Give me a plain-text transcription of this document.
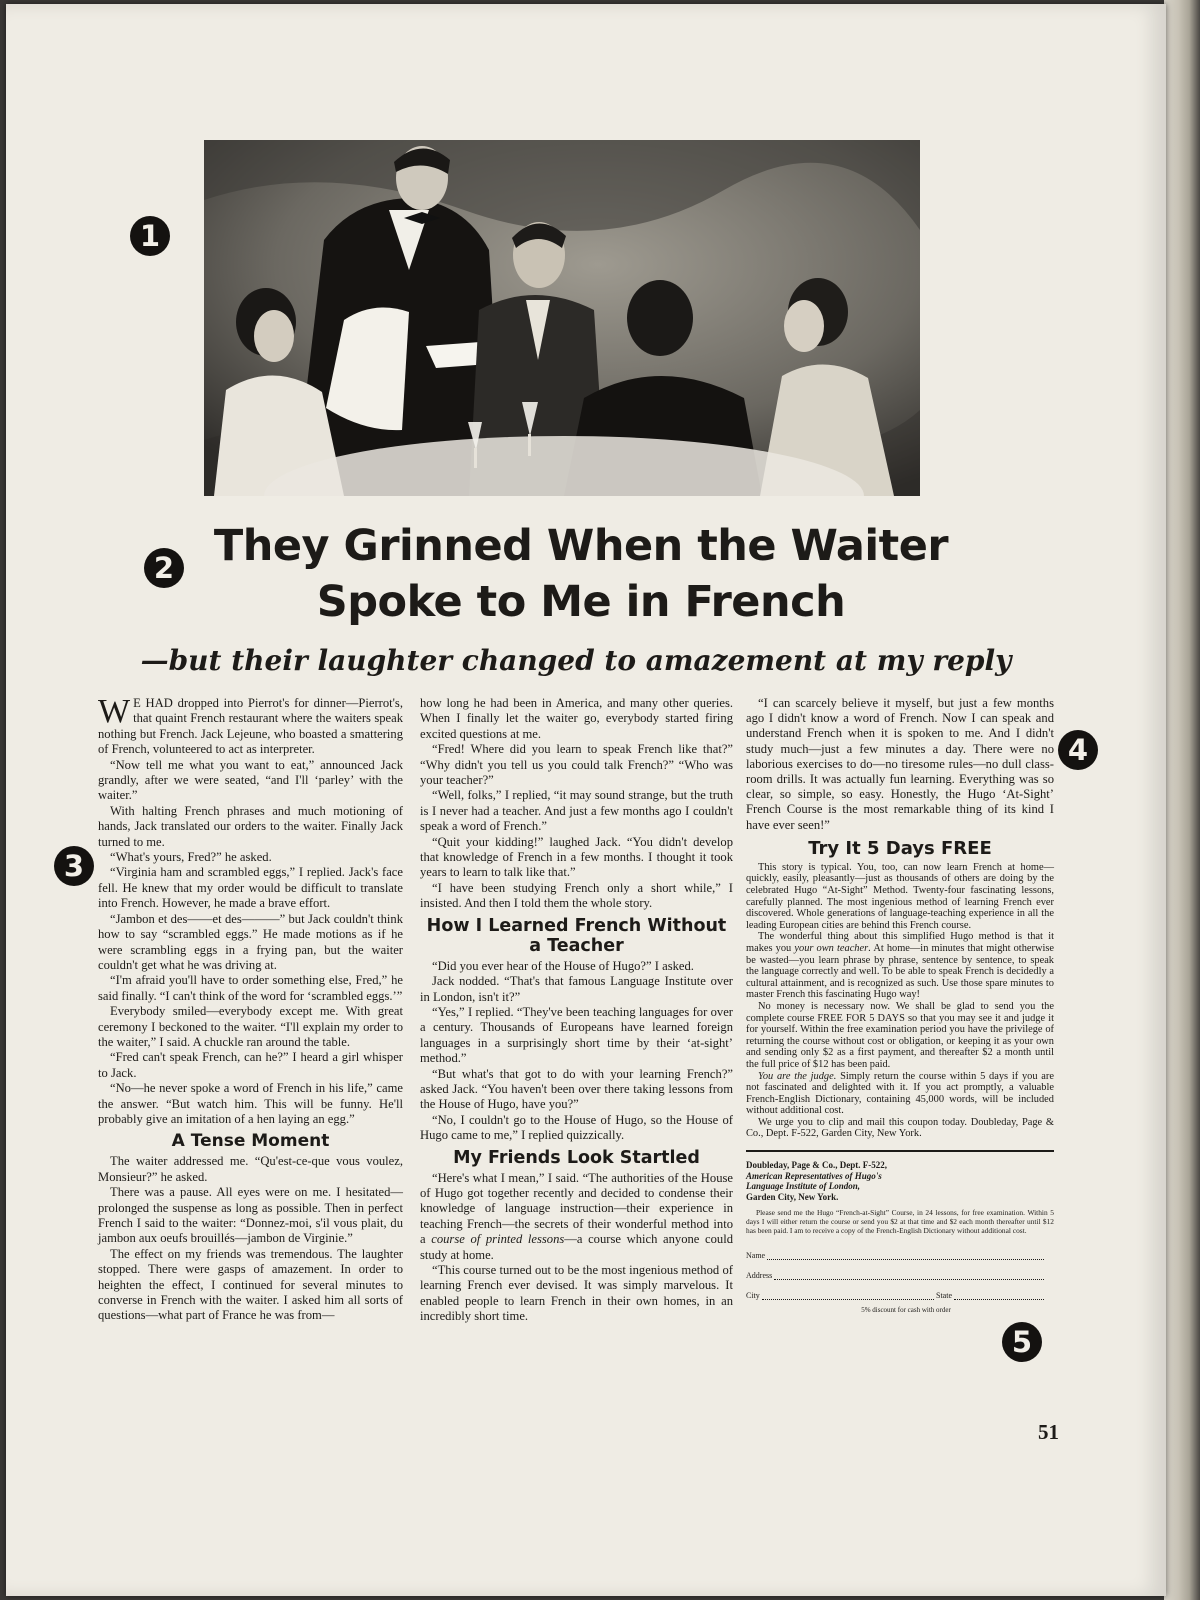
1
2 They Grinned When the Waiter
Spoke to Me in French
—but their laughter changed to amazement at my reply
3

W E HAD dropped into Pierrot's for dinner—Pierrot's, that quaint French restaurant where the waiters speak nothing but French. Jack Lejeune, who boasted a smattering of French, volunteered to act as interpreter.

“Now tell me what you want to eat,” announced Jack grandly, after we were seated, “and I'll ‘parley’ with the waiter.”

With halting French phrases and much motioning of hands, Jack translated our orders to the waiter. Finally Jack turned to me.

“What's yours, Fred?” he asked.

“Virginia ham and scrambled eggs,” I replied. Jack's face fell. He knew that my order would be difficult to translate into French. However, he made a brave effort.

“Jambon et des——et des———” but Jack couldn't think how to say “scrambled eggs.” He made motions as if he were scrambling eggs in a frying pan, but the waiter couldn't get what he was driving at.

“I'm afraid you'll have to order something else, Fred,” he said finally. “I can't think of the word for ‘scrambled eggs.’”

Everybody smiled—everybody except me. With great ceremony I beckoned to the waiter. “I'll explain my order to the waiter,” I said. A chuckle ran around the table.

“Fred can't speak French, can he?” I heard a girl whisper to Jack.

“No—he never spoke a word of French in his life,” came the answer. “But watch him. This will be funny. He'll probably give an imitation of a hen laying an egg.”

A Tense Moment

The waiter addressed me. “Qu'est-ce-que vous voulez, Monsieur?” he asked.

There was a pause. All eyes were on me. I hesitated—prolonged the suspense as long as possible. Then in perfect French I said to the waiter: “Donnez-moi, s'il vous plait, du jambon aux oeufs brouillés—jambon de Virginie.”

The effect on my friends was tremendous. The laughter stopped. There were gasps of amazement. In order to heighten the effect, I continued for several minutes to converse in French with the waiter. I asked him all sorts of questions—what part of France he was from—

how long he had been in America, and many other queries. When I finally let the waiter go, everybody started firing excited questions at me.

“Fred! Where did you learn to speak French like that?” “Why didn't you tell us you could talk French?” “Who was your teacher?”

“Well, folks,” I replied, “it may sound strange, but the truth is I never had a teacher. And just a few months ago I couldn't speak a word of French.”

“Quit your kidding!” laughed Jack. “You didn't develop that knowledge of French in a few months. I thought it took years to learn to talk like that.”

“I have been studying French only a short while,” I insisted. And then I told them the whole story.

How I Learned French Without a Teacher

“Did you ever hear of the House of Hugo?” I asked.

Jack nodded. “That's that famous Language Institute over in London, isn't it?”

“Yes,” I replied. “They've been teaching languages for over a century. Thousands of Europeans have learned foreign languages in a surprisingly short time by their ‘at-sight’ method.”

“But what's that got to do with your learning French?” asked Jack. “You haven't been over there taking lessons from the House of Hugo, have you?”

“No, I couldn't go to the House of Hugo, so the House of Hugo came to me,” I replied quizzically.

My Friends Look Startled

“Here's what I mean,” I said. “The authorities of the House of Hugo got together recently and decided to condense their knowledge of language instruction—their experience in teaching French—the secrets of their wonderful method into a course of printed lessons—a course which anyone could study at home.

“This course turned out to be the most ingenious method of learning French ever devised. It was simply marvelous. It enabled people to learn French in their own homes, in an incredibly short time.

“I can scarcely believe it myself, but just a few months ago I didn't know a word of French. Now I can speak and understand French when it is spoken to me. And I didn't study much—just a few minutes a day. There were no laborious exercises to do—no tiresome rules—no dull class-room drills. It was actually fun learning. Everything was so clear, so simple, so easy. Honestly, the Hugo ‘At-Sight’ French Course is the most remarkable thing of its kind I have ever seen!”

Try It 5 Days FREE

This story is typical. You, too, can now learn French at home—quickly, easily, pleasantly—just as thousands of others are doing by the celebrated Hugo “At-Sight” Method. Twenty-four fascinating lessons, carefully planned. The most ingenious method of learning French ever discovered. Whole generations of language-teaching experience in all the leading European cities are behind this French course.

The wonderful thing about this simplified Hugo method is that it makes you your own teacher. At home—in minutes that might otherwise be wasted—you learn phrase by phrase, sentence by sentence, to speak the language correctly and well. To be able to speak French is decidedly a cultural attainment, and is recognized as such. Use those spare minutes to master French this fascinating Hugo way!

No money is necessary now. We shall be glad to send you the complete course FREE FOR 5 DAYS so that you may see it and judge it for yourself. Within the free examination period you have the privilege of returning the course without cost or obligation, or keeping it as your own and sending only $2 as a first payment, and thereafter $2 a month until the full price of $12 has been paid.

You are the judge. Simply return the course within 5 days if you are not fascinated and delighted with it. If you act promptly, a valuable French-English Dictionary, containing 45,000 words, will be included without additional cost.

We urge you to clip and mail this coupon today. Doubleday, Page & Co., Dept. F-522, Garden City, New York.

Doubleday, Page & Co., Dept. F-522,

American Representatives of Hugo's

Language Institute of London,

Garden City, New York.

Please send me the Hugo “French-at-Sight” Course, in 24 lessons, for free examination. Within 5 days I will either return the course or send you $2 at that time and $2 each month thereafter until $12 has been paid. I am to receive a copy of the French-English Dictionary without additional cost.

Name
Address
City	State

5% discount for cash with order

4
5
51
